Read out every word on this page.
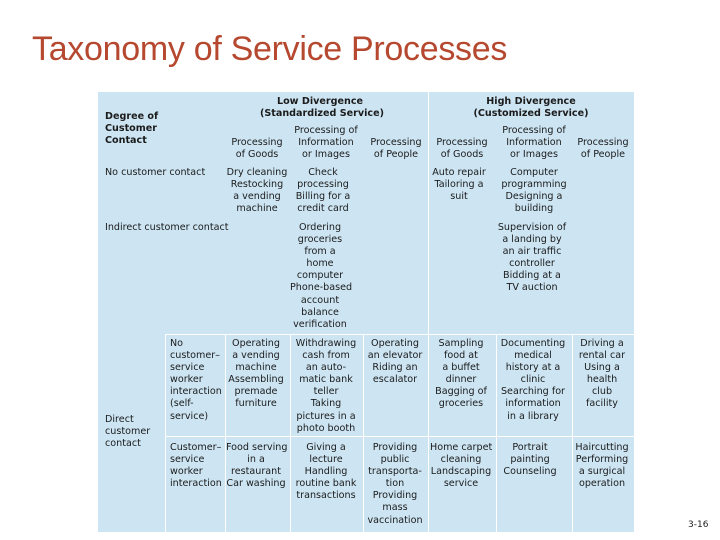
Taxonomy of Service Processes
Degree of
Customer
Contact
Low Divergence
(Standardized Service)
High Divergence
(Customized Service)
Processing
of Goods
Processing of
Information
or Images
Processing
of People
Processing
of Goods
Processing of
Information
or Images
Processing
of People
No customer contact Dry cleaning
Restocking
a vending
machine
Check
processing
Billing for a
credit card
Auto repair
Tailoring a
suit
Computer
programming
Designing a
building
Indirect customer contact	Ordering
groceries
from a
home
computer
Phone-based
account
balance
verification
Supervision of
a landing by
an air traffic
controller
Bidding at a
TV auction
Direct
customer
contact
No
customer–
service
worker
interaction
(self-
service)
Operating
a vending
machine
Assembling
premade
furniture
Withdrawing
cash from
an auto-
matic bank
teller
Taking
pictures in a
photo booth
Operating
an elevator
Riding an
escalator
Sampling
food at
a buffet
dinner
Bagging of
groceries
Documenting
medical
history at a
clinic
Searching for
information
in a library
Driving a
rental car
Using a
health
club
facility
Customer–
service
worker
interaction
Food serving
in a
restaurant
Car washing
Giving a
lecture
Handling
routine bank
transactions
Providing
public
transporta-
tion
Providing
mass
vaccination
Home carpet
cleaning
Landscaping
service
Portrait
painting
Counseling
Haircutting
Performing
a surgical
operation
3-16
